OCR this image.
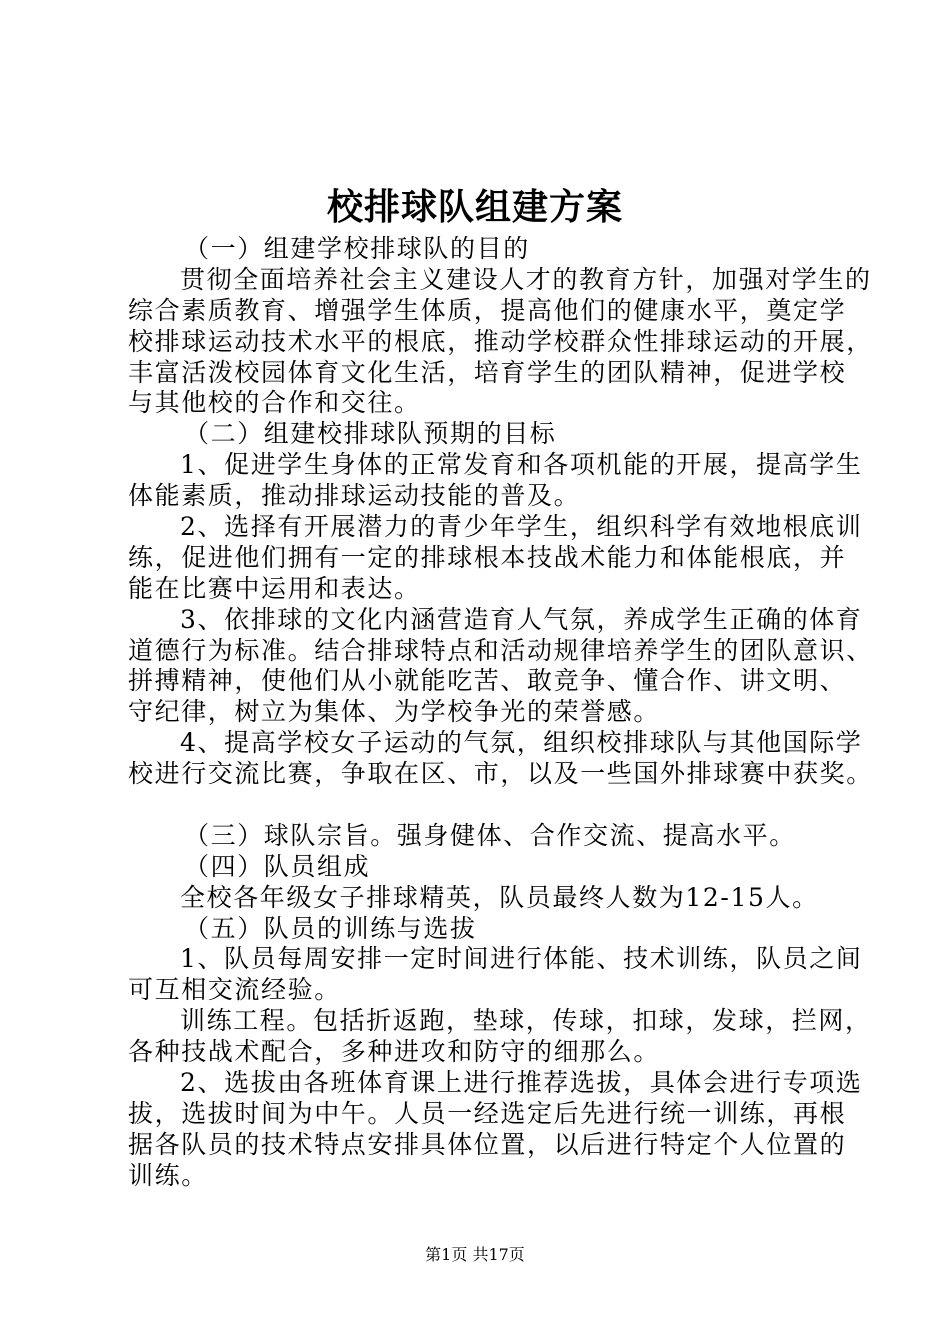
校排球队组建方案
（一）组建学校排球队的目的
贯彻全面培养社会主义建设人才的教育方针，加强对学生的
综合素质教育、增强学生体质，提高他们的健康水平，奠定学
校排球运动技术水平的根底，推动学校群众性排球运动的开展，
丰富活泼校园体育文化生活，培育学生的团队精神，促进学校
与其他校的合作和交往。
（二）组建校排球队预期的目标
1、促进学生身体的正常发育和各项机能的开展，提高学生
体能素质，推动排球运动技能的普及。
2、选择有开展潜力的青少年学生，组织科学有效地根底训
练，促进他们拥有一定的排球根本技战术能力和体能根底，并
能在比赛中运用和表达。
3、依排球的文化内涵营造育人气氛，养成学生正确的体育
道德行为标准。结合排球特点和活动规律培养学生的团队意识、
拼搏精神，使他们从小就能吃苦、敢竞争、懂合作、讲文明、
守纪律，树立为集体、为学校争光的荣誉感。
4、提高学校女子运动的气氛，组织校排球队与其他国际学
校进行交流比赛，争取在区、市，以及一些国外排球赛中获奖。
（三）球队宗旨。强身健体、合作交流、提高水平。
（四）队员组成
全校各年级女子排球精英，队员最终人数为12-15人。
（五）队员的训练与选拔
1、队员每周安排一定时间进行体能、技术训练，队员之间
可互相交流经验。
训练工程。包括折返跑，垫球，传球，扣球，发球，拦网，
各种技战术配合，多种进攻和防守的细那么。
2、选拔由各班体育课上进行推荐选拔，具体会进行专项选
拔，选拔时间为中午。人员一经选定后先进行统一训练，再根
据各队员的技术特点安排具体位置，以后进行特定个人位置的
训练。
第1页 共17页
